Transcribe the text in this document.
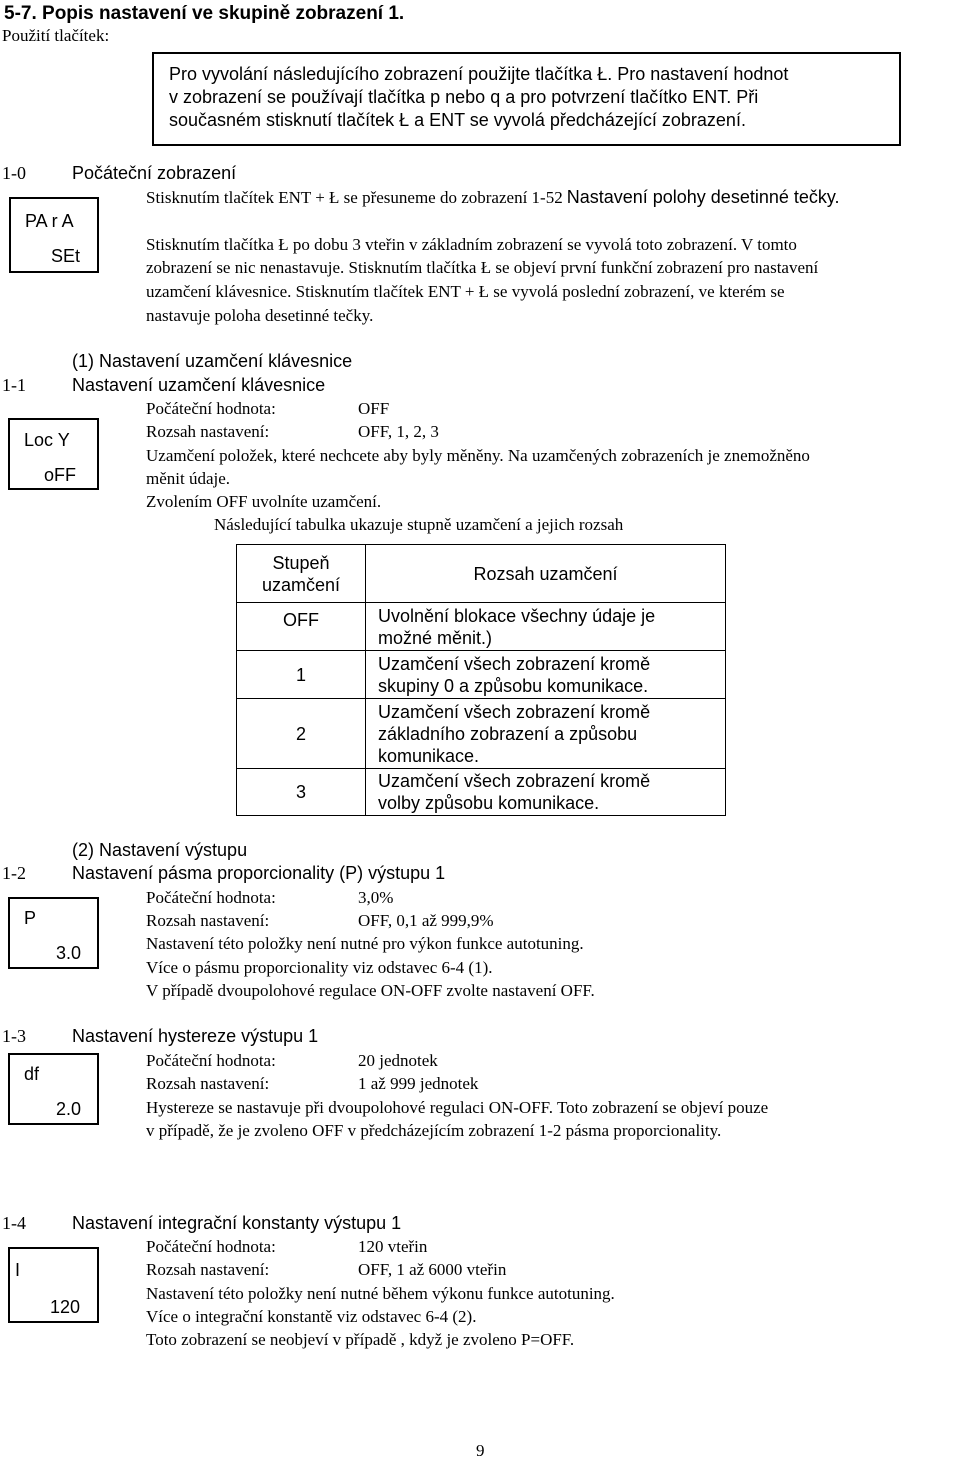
5-7. Popis nastavení ve skupině zobrazení 1.
Použití tlačítek:
Pro vyvolání následujícího zobrazení použijte tlačítka Ł. Pro nastavení hodnot
v zobrazení se používají tlačítka p nebo q a pro potvrzení tlačítko ENT. Při
současném stisknutí tlačítek Ł a ENT se vyvolá předcházející zobrazení.
1-0	Počáteční zobrazení
Stisknutím tlačítek ENT + Ł se přesuneme do zobrazení 1-52 Nastavení polohy desetinné tečky.
PA r A
SEt
Stisknutím tlačítka Ł po dobu 3 vteřin v základním zobrazení se vyvolá toto zobrazení. V tomto
zobrazení se nic nenastavuje. Stisknutím tlačítka Ł se objeví první funkční zobrazení pro nastavení
uzamčení klávesnice. Stisknutím tlačítek ENT + Ł se vyvolá poslední zobrazení, ve kterém se
nastavuje poloha desetinné tečky.
(1) Nastavení uzamčení klávesnice
1-1	Nastavení uzamčení klávesnice
Počáteční hodnota:	OFF
Rozsah nastavení:	OFF, 1, 2, 3
Loc Y
oFF
Uzamčení položek, které nechcete aby byly měněny. Na uzamčených zobrazeních je znemožněno
měnit údaje.
Zvolením OFF uvolníte uzamčení.
Následující tabulka ukazuje stupně uzamčení a jejich rozsah
Stupeň
uzamčení	Rozsah uzamčení
OFF	Uvolnění blokace všechny údaje je
možné měnit.)

1	Uzamčení všech zobrazení kromě
skupiny 0 a způsobu komunikace.

2	Uzamčení všech zobrazení kromě
základního zobrazení a způsobu
komunikace.

3	Uzamčení všech zobrazení kromě
volby způsobu komunikace.
(2) Nastavení výstupu
1-2	Nastavení pásma proporcionality (P) výstupu 1
Počáteční hodnota:	3,0%
Rozsah nastavení:	OFF, 0,1 až 999,9%
P
3.0	Nastavení této položky není nutné pro výkon funkce autotuning.
Více o pásmu proporcionality viz odstavec 6-4 (1).
V případě dvoupolohové regulace ON-OFF zvolte nastavení OFF.
1-3	Nastavení hystereze výstupu 1
Počáteční hodnota:	20 jednotek
Rozsah nastavení:	1 až 999 jednotek
df
2.0	Hystereze se nastavuje při dvoupolohové regulaci ON-OFF. Toto zobrazení se objeví pouze
v případě, že je zvoleno OFF v předcházejícím zobrazení 1-2 pásma proporcionality.
1-4	Nastavení integrační konstanty výstupu 1
Počáteční hodnota:	120 vteřin
Rozsah nastavení:	OFF, 1 až 6000 vteřin
I
120
Nastavení této položky není nutné během výkonu funkce autotuning.
Více o integrační konstantě viz odstavec 6-4 (2).
Toto zobrazení se neobjeví v případě , když je zvoleno P=OFF.
9
